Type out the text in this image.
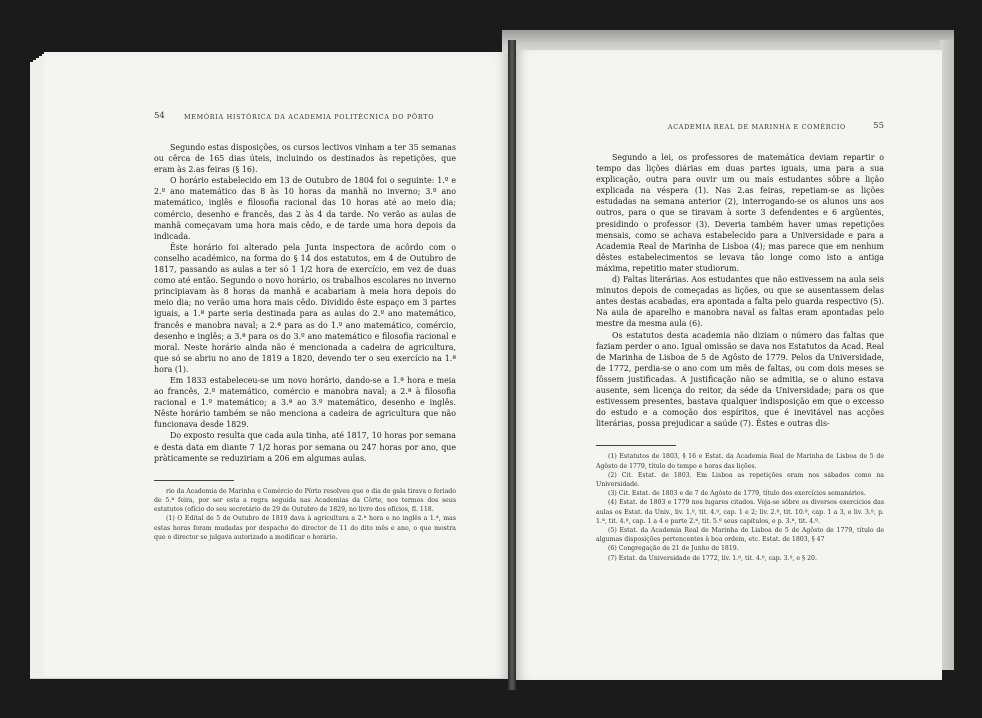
54	MEMÓRIA HISTÓRICA DA ACADEMIA POLITÉCNICA DO PÔRTO

Segundo estas disposições, os cursos lectivos vinham a ter 35 semanas ou cêrca de 165 dias úteis, incluindo os destinados às repetições, que eram às 2.as feiras (§ 16).

O horário estabelecido em 13 de Outubro de 1804 foi o seguinte: 1.º e 2.º ano matemático das 8 às 10 horas da manhã no inverno; 3.º ano matemático, inglês e filosofia racional das 10 horas até ao meio dia; comércio, desenho e francês, das 2 às 4 da tarde. No verão as aulas de manhã começavam uma hora mais cêdo, e de tarde uma hora depois da indicada.

Êste horário foi alterado pela Junta inspectora de acôrdo com o conselho académico, na forma do § 14 dos estatutos, em 4 de Outubro de 1817, passando as aulas a ter só 1 1/2 hora de exercício, em vez de duas como até então. Segundo o novo horário, os trabalhos escolares no inverno principiavam às 8 horas da manhã e acabariam à meia hora depois do meio dia; no verão uma hora mais cêdo. Dividido êste espaço em 3 partes iguais, a 1.ª parte seria destinada para as aulas do 2.º ano matemático, francês e manobra naval; a 2.ª para as do 1.º ano matemático, comércio, desenho e inglês; a 3.ª para os do 3.º ano matemático e filosofia racional e moral. Neste horário ainda não é mencionada a cadeira de agricultura, que só se abriu no ano de 1819 a 1820, devendo ter o seu exercício na 1.ª hora (1).

Em 1833 estabeleceu-se um novo horário, dando-se a 1.ª hora e meia ao francês, 2.º matemático, comércio e manobra naval; a 2.ª à filosofia racional e 1.º matemático; a 3.ª ao 3.º matemático, desenho e inglês. Nêste horário também se não menciona a cadeira de agricultura que não funcionava desde 1829.

Do exposto resulta que cada aula tinha, até 1817, 10 horas por semana e desta data em diante 7 1/2 horas por semana ou 247 horas por ano, que pràticamente se reduziriam a 206 em algumas aulas.

rio da Academia de Marinha e Comércio do Pôrto resolveu que o dia de gala tirava o feriado de 5.ª feira, por ser esta a regra seguida nas Academias da Côrte, nos termos dos seus estatutos (ofício do seu secretário de 29 de Outubro de 1829, no livro dos ofícios, fl. 118.

(1) O Edital de 5 de Outubro de 1819 dava à agricultura a 2.ª hora e no inglês a 1.ª, mas estas horas foram mudadas por despacho do director de 11 do dito mês e ano, o que mostra que o director se julgava autorizado a modificar o horário.

ACADEMIA REAL DE MARINHA E COMÉRCIO	55

Segundo a lei, os professores de matemática deviam repartir o tempo das lições diárias em duas partes iguais, uma para a sua explicação, outra para ouvir um ou mais estudantes sôbre a lição explicada na véspera (1). Nas 2.as feiras, repetiam-se as lições estudadas na semana anterior (2), interrogando-se os alunos uns aos outros, para o que se tiravam à sorte 3 defendentes e 6 argüentes, presidindo o professor (3). Deveria também haver umas repetições mensais, como se achava estabelecido para a Universidade e para a Academia Real de Marinha de Lisboa (4); mas parece que em nenhum dêstes estabelecimentos se levava tão longe como isto a antiga máxima, repetitio mater studiorum.

d) Faltas literárias. Aos estudantes que não estivessem na aula seis minutos depois de começadas as lições, ou que se ausentassem delas antes destas acabadas, era apontada a falta pelo guarda respectivo (5). Na aula de aparelho e manobra naval as faltas eram apontadas pelo mestre da mesma aula (6).

Os estatutos desta academia não diziam o número das faltas que faziam perder o ano. Igual omissão se dava nos Estatutos da Acad. Real de Marinha de Lisboa de 5 de Agôsto de 1779. Pelos da Universidade, de 1772, perdia-se o ano com um mês de faltas, ou com dois meses se fôssem justificadas. A justificação não se admitia, se o aluno estava ausente, sem licença do reitor, da séde da Universidade; para os que estivessem presentes, bastava qualquer indisposição em que o excesso do estudo e a comoção dos espíritos, que é inevitável nas acções literárias, possa prejudicar a saúde (7). Êstes e outras dis-

(1) Estatutos de 1803, § 16 e Estat. da Academia Real de Marinha de Lisboa de 5 de Agôsto de 1779, título do tempo e horas das lições.

(2) Cit. Estat. de 1803. Em Lisboa as repetições eram nos sábados como na Universidade.

(3) Cit. Estat. de 1803 e de 7 de Agôsto de 1779, título dos exercícios semanários.

(4) Estat. de 1803 e 1779 nos lugares citados. Veja-se sôbre os diversos exercícios das aulas os Estat. da Univ., liv. 1.º, tit. 4.º, cap. 1 e 2; liv. 2.º, tit. 10.º, cap. 1 a 3, e liv. 3.º, p. 1.ª, tit. 4.º, cap. 1 a 4 e parte 2.ª, tit. 5.º seus capítulos, e p. 3.ª, tit. 4.º.

(5) Estat. da Academia Real de Marinha de Lisboa de 5 de Agôsto de 1779, título de algumas disposições pertencentes à boa ordem, etc. Estat. de 1803, § 47

(6) Congregação de 21 de Junho de 1819.

(7) Estat. da Universidade de 1772, liv. 1.º, tit. 4.º, cap. 3.º, e § 20.
